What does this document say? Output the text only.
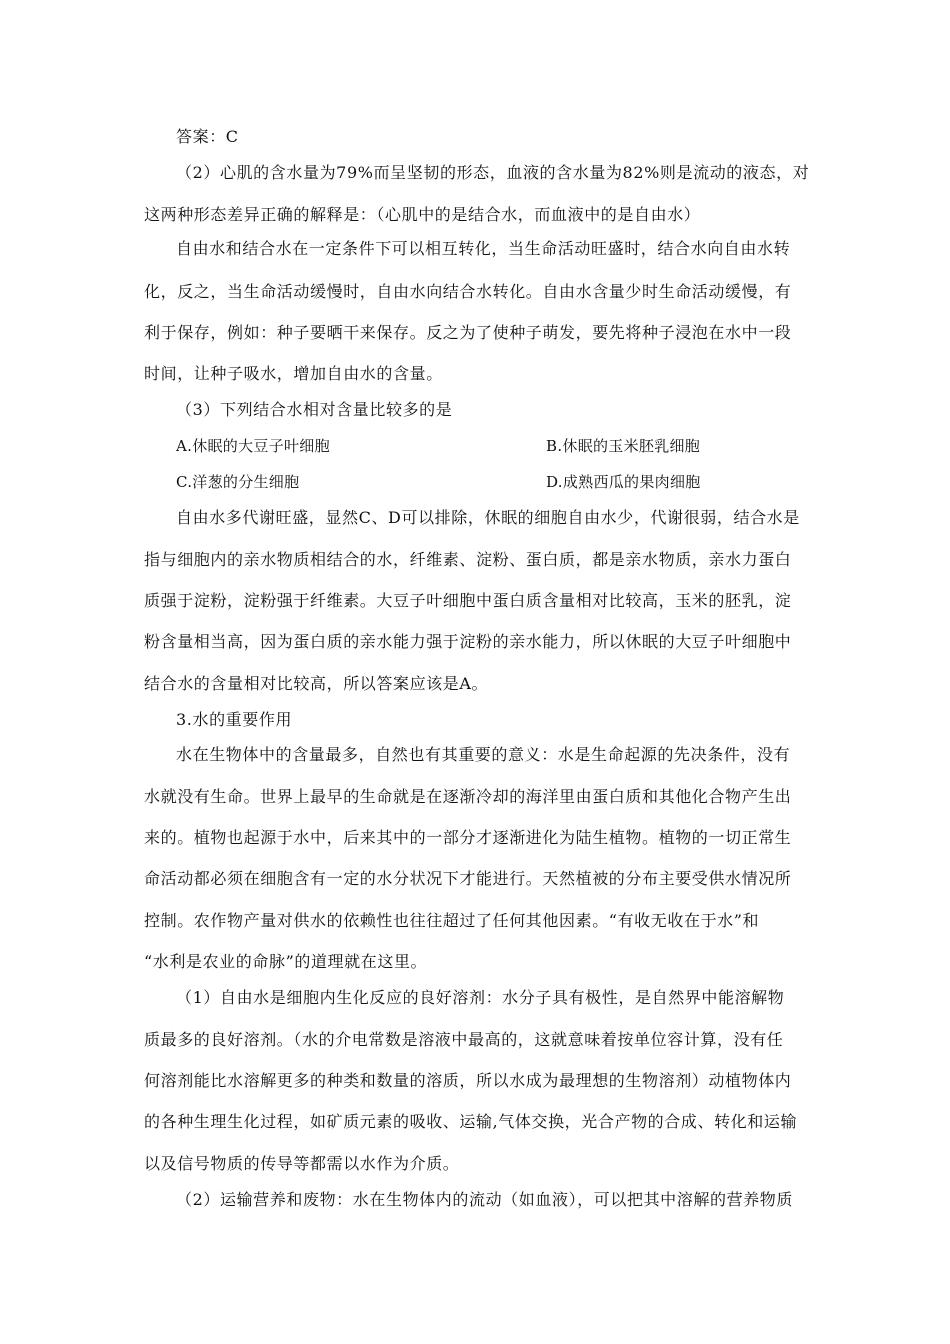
答案：C
（2）心肌的含水量为79%而呈坚韧的形态，血液的含水量为82%则是流动的液态，对
这两种形态差异正确的解释是：（心肌中的是结合水，而血液中的是自由水）
自由水和结合水在一定条件下可以相互转化，当生命活动旺盛时，结合水向自由水转
化，反之，当生命活动缓慢时，自由水向结合水转化。自由水含量少时生命活动缓慢，有
利于保存，例如：种子要晒干来保存。反之为了使种子萌发，要先将种子浸泡在水中一段
时间，让种子吸水，增加自由水的含量。
（3）下列结合水相对含量比较多的是
A.休眠的大豆子叶细胞	B.休眠的玉米胚乳细胞
C.洋葱的分生细胞	D.成熟西瓜的果肉细胞
自由水多代谢旺盛，显然C、D可以排除，休眠的细胞自由水少，代谢很弱，结合水是
指与细胞内的亲水物质相结合的水，纤维素、淀粉、蛋白质，都是亲水物质，亲水力蛋白
质强于淀粉，淀粉强于纤维素。大豆子叶细胞中蛋白质含量相对比较高，玉米的胚乳，淀
粉含量相当高，因为蛋白质的亲水能力强于淀粉的亲水能力，所以休眠的大豆子叶细胞中
结合水的含量相对比较高，所以答案应该是A。
3.水的重要作用
水在生物体中的含量最多，自然也有其重要的意义：水是生命起源的先决条件，没有
水就没有生命。世界上最早的生命就是在逐渐冷却的海洋里由蛋白质和其他化合物产生出
来的。植物也起源于水中，后来其中的一部分才逐渐进化为陆生植物。植物的一切正常生
命活动都必须在细胞含有一定的水分状况下才能进行。天然植被的分布主要受供水情况所
控制。农作物产量对供水的依赖性也往往超过了任何其他因素。“有收无收在于水”和
“水利是农业的命脉”的道理就在这里。
（1）自由水是细胞内生化反应的良好溶剂：水分子具有极性，是自然界中能溶解物
质最多的良好溶剂。（水的介电常数是溶液中最高的，这就意味着按单位容计算，没有任
何溶剂能比水溶解更多的种类和数量的溶质，所以水成为最理想的生物溶剂）动植物体内
的各种生理生化过程，如矿质元素的吸收、运输,气体交换，光合产物的合成、转化和运输
以及信号物质的传导等都需以水作为介质。
（2）运输营养和废物：水在生物体内的流动（如血液），可以把其中溶解的营养物质
